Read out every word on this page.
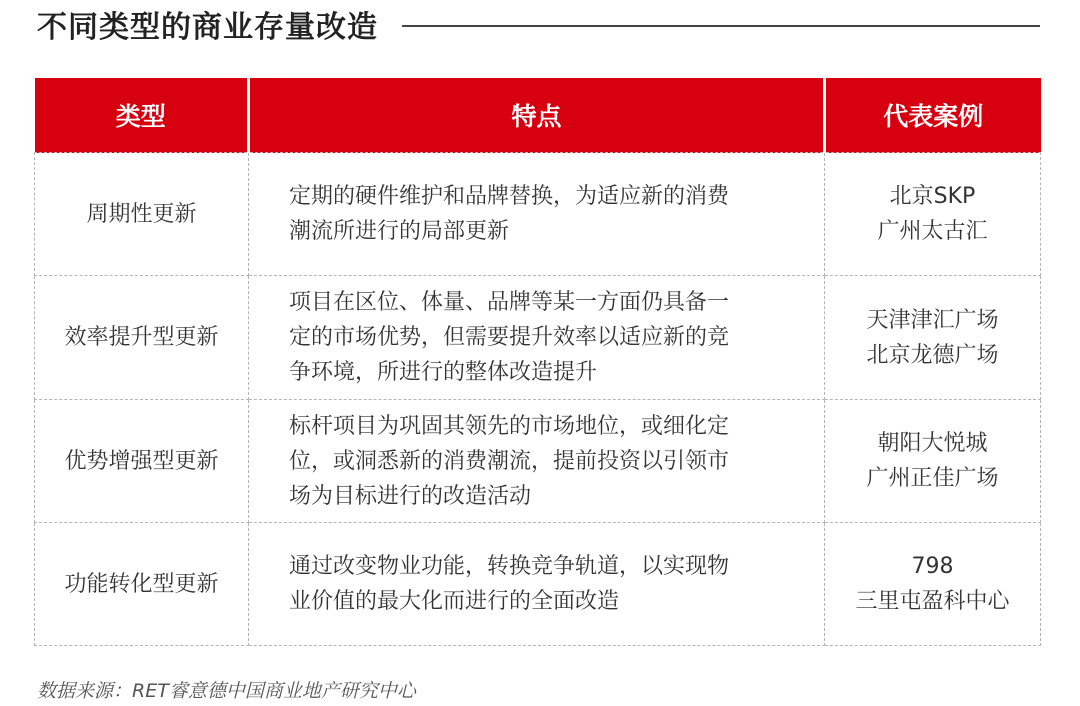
不同类型的商业存量改造
类型	特点	代表案例
周期性更新	定期的硬件维护和品牌替换，为适应新的消费
潮流所进行的局部更新	北京SKP
广州太古汇

效率提升型更新	项目在区位、体量、品牌等某一方面仍具备一
定的市场优势，但需要提升效率以适应新的竞
争环境，所进行的整体改造提升	天津津汇广场
北京龙德广场

优势增强型更新	标杆项目为巩固其领先的市场地位，或细化定
位，或洞悉新的消费潮流，提前投资以引领市
场为目标进行的改造活动	朝阳大悦城
广州正佳广场

功能转化型更新	通过改变物业功能，转换竞争轨道，以实现物
业价值的最大化而进行的全面改造	798
三里屯盈科中心
数据来源：RET睿意德中国商业地产研究中心
